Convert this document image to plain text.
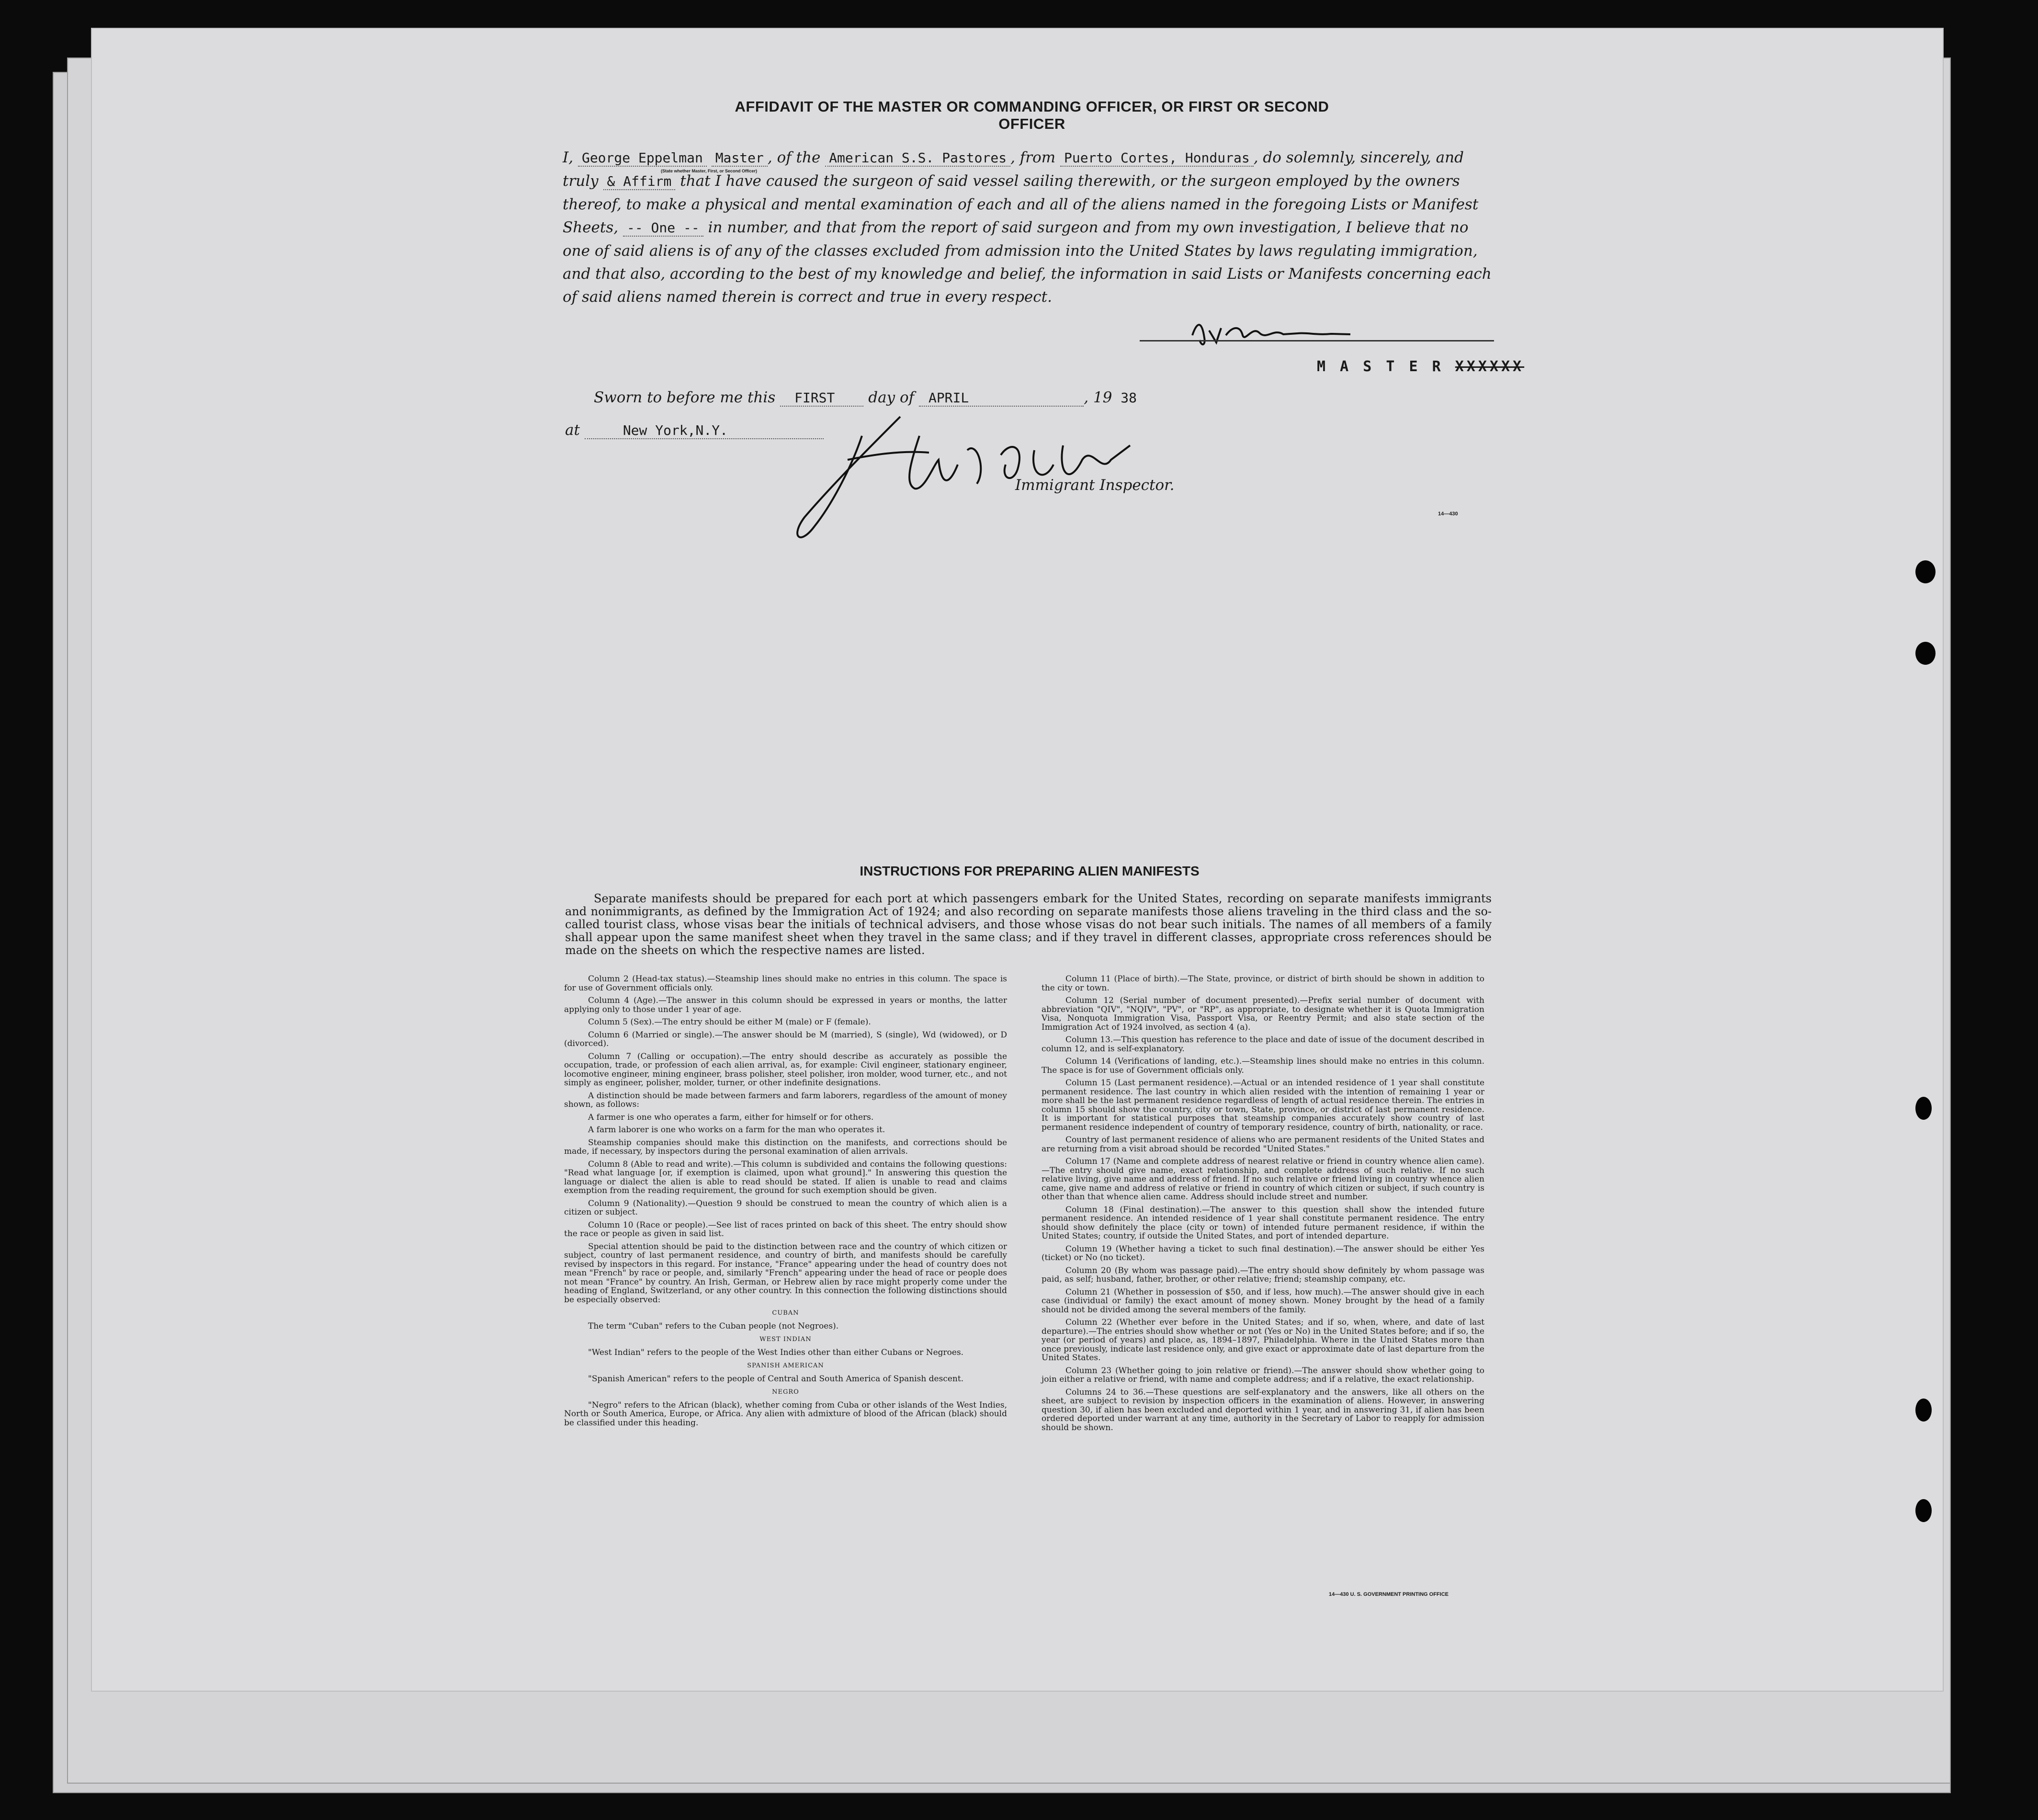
AFFIDAVIT OF THE MASTER OR COMMANDING OFFICER, OR FIRST OR SECOND OFFICER
I, George Eppelman Master , of the American S.S. Pastores , from Puerto Cortes, Honduras , do solemnly, sincerely, and truly & Affirm that I have caused the surgeon of said vessel sailing therewith, or the surgeon employed by the owners thereof, to make a physical and mental examination of each and all of the aliens named in the foregoing Lists or Manifest Sheets, -- One -- in number, and that from the report of said surgeon and from my own investigation, I believe that no one of said aliens is of any of the classes excluded from admission into the United States by laws regulating immigration, and that also, according to the best of my knowledge and belief, the information in said Lists or Manifests concerning each of said aliens named therein is correct and true in every respect.
(State whether Master, First, or Second Officer)
M A S T E R XXXXXX
Sworn to before me this FIRST day of APRIL	, 19 38
at	New York,N.Y.
Immigrant Inspector.
14—430
INSTRUCTIONS FOR PREPARING ALIEN MANIFESTS
Separate manifests should be prepared for each port at which passengers embark for the United States, recording on separate manifests immigrants and nonimmigrants, as defined by the Immigration Act of 1924; and also recording on separate manifests those aliens traveling in the third class and the so-called tourist class, whose visas bear the initials of technical advisers, and those whose visas do not bear such initials. The names of all members of a family shall appear upon the same manifest sheet when they travel in the same class; and if they travel in different classes, appropriate cross references should be made on the sheets on which the respective names are listed.

Column 2 (Head-tax status).—Steamship lines should make no entries in this column. The space is for use of Government officials only.

Column 4 (Age).—The answer in this column should be expressed in years or months, the latter applying only to those under 1 year of age.

Column 5 (Sex).—The entry should be either M (male) or F (female).

Column 6 (Married or single).—The answer should be M (married), S (single), Wd (widowed), or D (divorced).

Column 7 (Calling or occupation).—The entry should describe as accurately as possible the occupation, trade, or profession of each alien arrival, as, for example: Civil engineer, stationary engineer, locomotive engineer, mining engineer, brass polisher, steel polisher, iron molder, wood turner, etc., and not simply as engineer, polisher, molder, turner, or other indefinite designations.

A distinction should be made between farmers and farm laborers, regardless of the amount of money shown, as follows:

A farmer is one who operates a farm, either for himself or for others.

A farm laborer is one who works on a farm for the man who operates it.

Steamship companies should make this distinction on the manifests, and corrections should be made, if necessary, by inspectors during the personal examination of alien arrivals.

Column 8 (Able to read and write).—This column is subdivided and contains the following questions: "Read what language [or, if exemption is claimed, upon what ground]." In answering this question the language or dialect the alien is able to read should be stated. If alien is unable to read and claims exemption from the reading requirement, the ground for such exemption should be given.

Column 9 (Nationality).—Question 9 should be construed to mean the country of which alien is a citizen or subject.

Column 10 (Race or people).—See list of races printed on back of this sheet. The entry should show the race or people as given in said list.

Special attention should be paid to the distinction between race and the country of which citizen or subject, country of last permanent residence, and country of birth, and manifests should be carefully revised by inspectors in this regard. For instance, "France" appearing under the head of country does not mean "French" by race or people, and, similarly "French" appearing under the head of race or people does not mean "France" by country. An Irish, German, or Hebrew alien by race might properly come under the heading of England, Switzerland, or any other country. In this connection the following distinctions should be especially observed:

CUBAN

The term "Cuban" refers to the Cuban people (not Negroes).

WEST INDIAN

"West Indian" refers to the people of the West Indies other than either Cubans or Negroes.

SPANISH AMERICAN

"Spanish American" refers to the people of Central and South America of Spanish descent.

NEGRO

"Negro" refers to the African (black), whether coming from Cuba or other islands of the West Indies, North or South America, Europe, or Africa. Any alien with admixture of blood of the African (black) should be classified under this heading.

Column 11 (Place of birth).—The State, province, or district of birth should be shown in addition to the city or town.

Column 12 (Serial number of document presented).—Prefix serial number of document with abbreviation "QIV", "NQIV", "PV", or "RP", as appropriate, to designate whether it is Quota Immigration Visa, Nonquota Immigration Visa, Passport Visa, or Reentry Permit; and also state section of the Immigration Act of 1924 involved, as section 4 (a).

Column 13.—This question has reference to the place and date of issue of the document described in column 12, and is self-explanatory.

Column 14 (Verifications of landing, etc.).—Steamship lines should make no entries in this column. The space is for use of Government officials only.

Column 15 (Last permanent residence).—Actual or an intended residence of 1 year shall constitute permanent residence. The last country in which alien resided with the intention of remaining 1 year or more shall be the last permanent residence regardless of length of actual residence therein. The entries in column 15 should show the country, city or town, State, province, or district of last permanent residence. It is important for statistical purposes that steamship companies accurately show country of last permanent residence independent of country of temporary residence, country of birth, nationality, or race.

Country of last permanent residence of aliens who are permanent residents of the United States and are returning from a visit abroad should be recorded "United States."

Column 17 (Name and complete address of nearest relative or friend in country whence alien came).—The entry should give name, exact relationship, and complete address of such relative. If no such relative living, give name and address of friend. If no such relative or friend living in country whence alien came, give name and address of relative or friend in country of which citizen or subject, if such country is other than that whence alien came. Address should include street and number.

Column 18 (Final destination).—The answer to this question shall show the intended future permanent residence. An intended residence of 1 year shall constitute permanent residence. The entry should show definitely the place (city or town) of intended future permanent residence, if within the United States; country, if outside the United States, and port of intended departure.

Column 19 (Whether having a ticket to such final destination).—The answer should be either Yes (ticket) or No (no ticket).

Column 20 (By whom was passage paid).—The entry should show definitely by whom passage was paid, as self; husband, father, brother, or other relative; friend; steamship company, etc.

Column 21 (Whether in possession of $50, and if less, how much).—The answer should give in each case (individual or family) the exact amount of money shown. Money brought by the head of a family should not be divided among the several members of the family.

Column 22 (Whether ever before in the United States; and if so, when, where, and date of last departure).—The entries should show whether or not (Yes or No) in the United States before; and if so, the year (or period of years) and place, as, 1894–1897, Philadelphia. Where in the United States more than once previously, indicate last residence only, and give exact or approximate date of last departure from the United States.

Column 23 (Whether going to join relative or friend).—The answer should show whether going to join either a relative or friend, with name and complete address; and if a relative, the exact relationship.

Columns 24 to 36.—These questions are self-explanatory and the answers, like all others on the sheet, are subject to revision by inspection officers in the examination of aliens. However, in answering question 30, if alien has been excluded and deported within 1 year, and in answering 31, if alien has been ordered deported under warrant at any time, authority in the Secretary of Labor to reapply for admission should be shown.

14—430 U. S. GOVERNMENT PRINTING OFFICE
